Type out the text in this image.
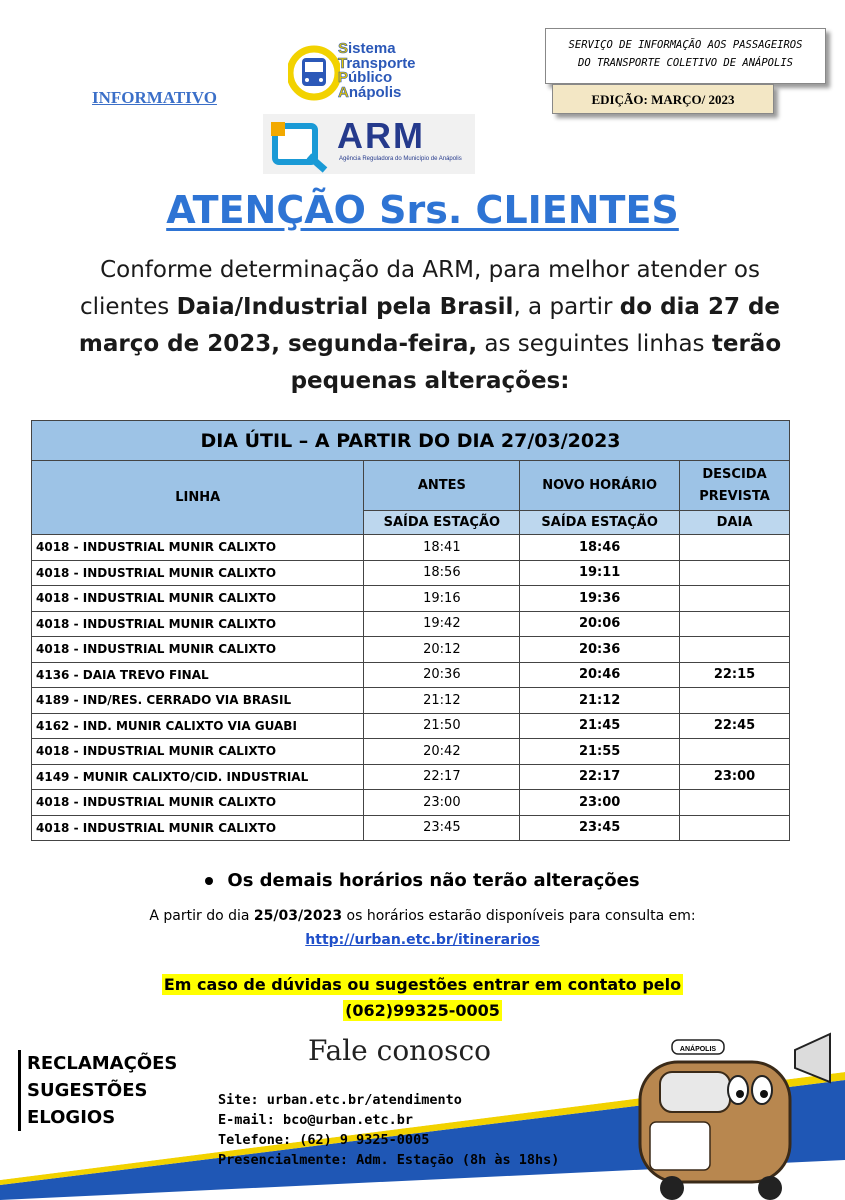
INFORMATIVO
Sistema
Transporte
Público
Anápolis
SERVIÇO DE INFORMAÇÃO AOS PASSAGEIROS
DO TRANSPORTE COLETIVO DE ANÁPOLIS
EDIÇÃO: MARÇO/ 2023
ARM
Agência Reguladora do Município de Anápolis
ATENÇÃO Srs. CLIENTES
Conforme determinação da ARM, para melhor atender os clientes Daia/Industrial pela Brasil, a partir do dia 27 de março de 2023, segunda-feira, as seguintes linhas terão pequenas alterações:
DIA ÚTIL – A PARTIR DO DIA 27/03/2023			
LINHA	ANTES	NOVO HORÁRIO	DESCIDA PREVISTA
	SAÍDA ESTAÇÃO	SAÍDA ESTAÇÃO	DAIA
4018 - INDUSTRIAL MUNIR CALIXTO	18:41	18:46	
4018 - INDUSTRIAL MUNIR CALIXTO	18:56	19:11	
4018 - INDUSTRIAL MUNIR CALIXTO	19:16	19:36	
4018 - INDUSTRIAL MUNIR CALIXTO	19:42	20:06	
4018 - INDUSTRIAL MUNIR CALIXTO	20:12	20:36	
4136 - DAIA TREVO FINAL	20:36	20:46	22:15
4189 - IND/RES. CERRADO VIA BRASIL	21:12	21:12	
4162 - IND. MUNIR CALIXTO VIA GUABI	21:50	21:45	22:45
4018 - INDUSTRIAL MUNIR CALIXTO	20:42	21:55	
4149 - MUNIR CALIXTO/CID. INDUSTRIAL	22:17	22:17	23:00
4018 - INDUSTRIAL MUNIR CALIXTO	23:00	23:00	
4018 - INDUSTRIAL MUNIR CALIXTO	23:45	23:45	
Os demais horários não terão alterações
A partir do dia 25/03/2023 os horários estarão disponíveis para consulta em:
http://urban.etc.br/itinerarios
Em caso de dúvidas ou sugestões entrar em contato pelo
(062)99325-0005
ANÁPOLIS
Fale conosco
RECLAMAÇÕES
SUGESTÕES
ELOGIOS
Site: urban.etc.br/atendimento
E-mail: bco@urban.etc.br
Telefone: (62) 9 9325-0005
Presencialmente: Adm. Estação (8h às 18hs)
